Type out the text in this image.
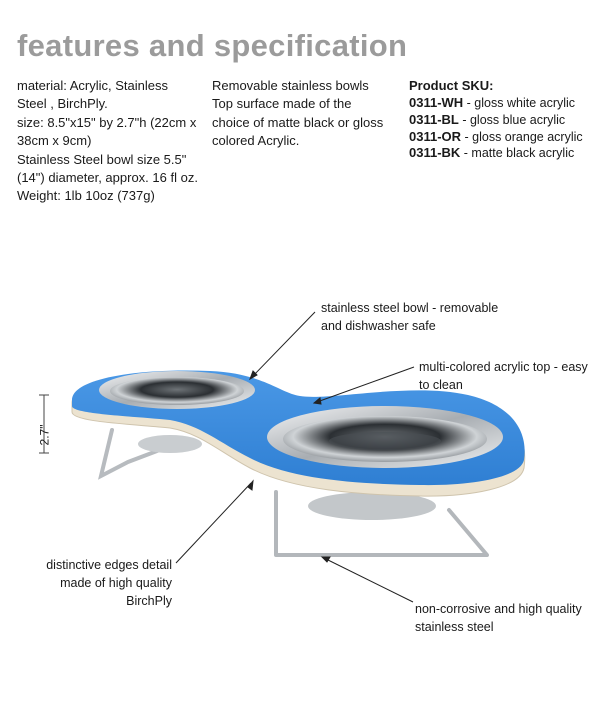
features and specification

material: Acrylic, Stainless Steel , BirchPly.

size: 8.5"x15" by 2.7"h (22cm x 38cm x 9cm)

Stainless Steel bowl size 5.5" (14") diameter, approx. 16 fl oz.

Weight: 1lb 10oz (737g)

Removable stainless bowls

Top surface made of the choice of matte black or gloss colored Acrylic.

Product SKU:

0311-WH - gloss white acrylic
0311-BL - gloss blue acrylic
0311-OR - gloss orange acrylic
0311-BK - matte black acrylic
2.7"
stainless steel bowl - removable and dishwasher safe
multi-colored acrylic top - easy to clean
distinctive edges detail made of high quality BirchPly
non-corrosive and high quality stainless steel
